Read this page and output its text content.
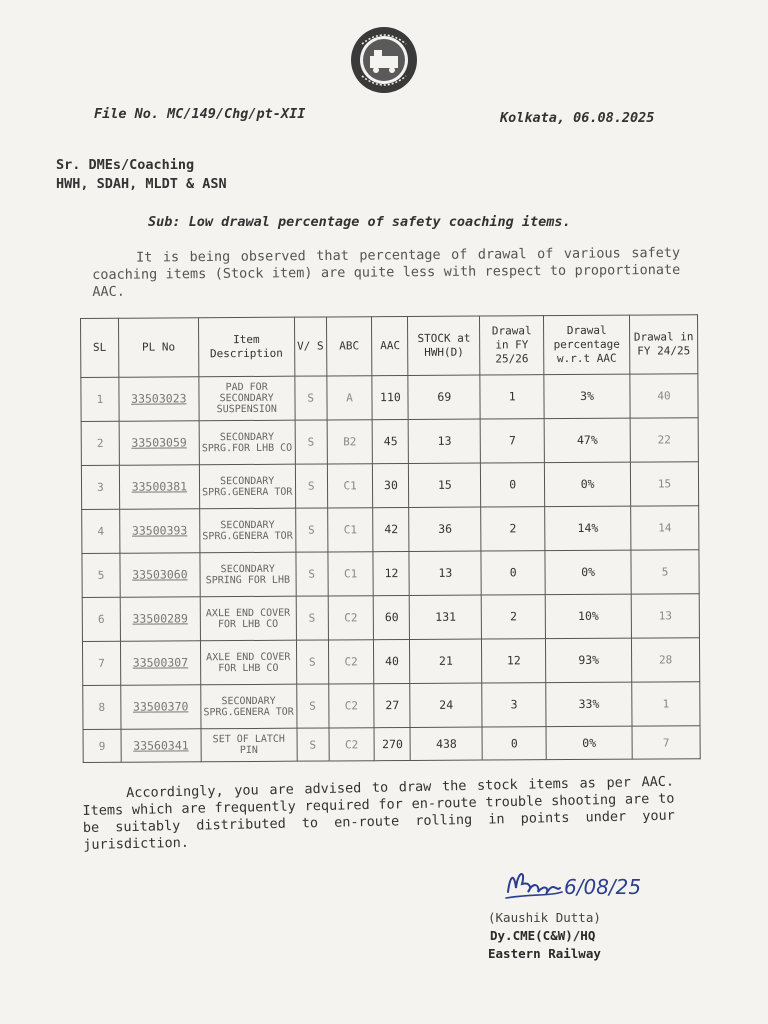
File No. MC/149/Chg/pt-XII	Kolkata, 06.08.2025
Sr. DMEs/Coaching
HWH, SDAH, MLDT & ASN
Sub: Low drawal percentage of safety coaching items.
It is being observed that percentage of drawal of various safety coaching items (Stock item) are quite less with respect to proportionate AAC.
SL	PL No	Item Description	V/ S	ABC	AAC	STOCK at HWH(D)	Drawal in FY 25/26	Drawal percentage w.r.t AAC	Drawal in FY 24/25
1	33503023	PAD FOR SECONDARY SUSPENSION	S	A	110	69	1	3%	40
2	33503059	SECONDARY SPRG.FOR LHB CO	S	B2	45	13	7	47%	22
3	33500381	SECONDARY SPRG.GENERA TOR	S	C1	30	15	0	0%	15
4	33500393	SECONDARY SPRG.GENERA TOR	S	C1	42	36	2	14%	14
5	33503060	SECONDARY SPRING FOR LHB	S	C1	12	13	0	0%	5
6	33500289	AXLE END COVER FOR LHB CO	S	C2	60	131	2	10%	13
7	33500307	AXLE END COVER FOR LHB CO	S	C2	40	21	12	93%	28
8	33500370	SECONDARY SPRG.GENERA TOR	S	C2	27	24	3	33%	1
9	33560341	SET OF LATCH PIN	S	C2	270	438	0	0%	7
Accordingly, you are advised to draw the stock items as per AAC. Items which are frequently required for en-route trouble shooting are to be suitably distributed to en-route rolling in points under your jurisdiction.
6/08/25
(Kaushik Dutta)
Dy.CME(C&W)/HQ
Eastern Railway
